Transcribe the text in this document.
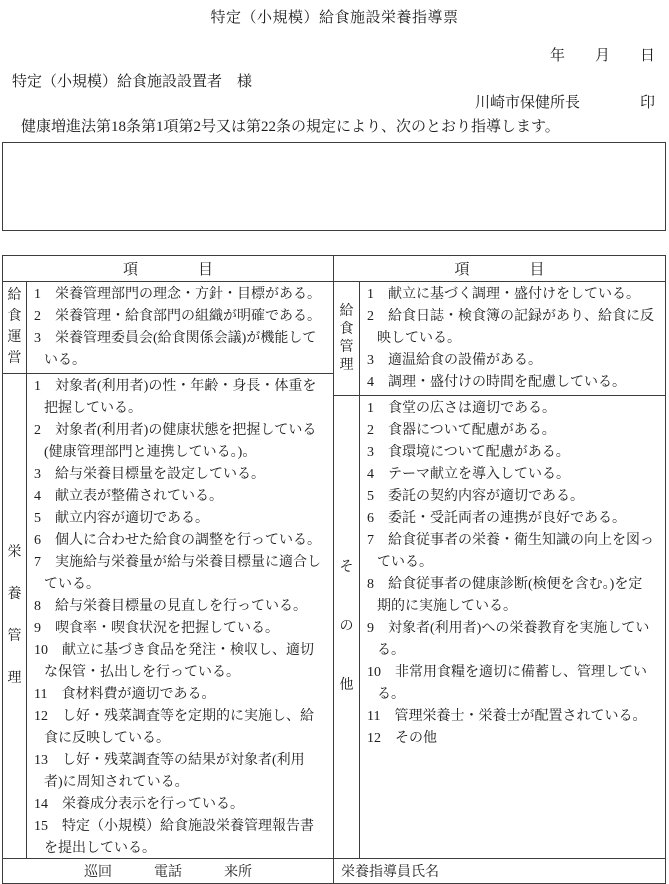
特定（小規模）給食施設栄養指導票
年　　月　　日
特定（小規模）給食施設設置者　様
川崎市保健所長　　　　印
健康増進法第18条第1項第2号又は第22条の規定により、次のとおり指導します。
項　　　　目	項　　　　目
給
食
運
営
1　栄養管理部門の理念・方針・目標がある。
2　栄養管理・給食部門の組織が明確である。
3　栄養管理委員会(給食関係会議)が機能している。
栄
養
管
理
1　対象者(利用者)の性・年齢・身長・体重を把握している。
2　対象者(利用者)の健康状態を把握している(健康管理部門と連携している。)。
3　給与栄養目標量を設定している。
4　献立表が整備されている。
5　献立内容が適切である。
6　個人に合わせた給食の調整を行っている。
7　実施給与栄養量が給与栄養目標量に適合している。
8　給与栄養目標量の見直しを行っている。
9　喫食率・喫食状況を把握している。
10　献立に基づき食品を発注・検収し、適切な保管・払出しを行っている。
11　食材料費が適切である。
12　し好・残菜調査等を定期的に実施し、給食に反映している。
13　し好・残菜調査等の結果が対象者(利用者)に周知されている。
14　栄養成分表示を行っている。
15　特定（小規模）給食施設栄養管理報告書を提出している。
給
食
管
理
1　献立に基づく調理・盛付けをしている。
2　給食日誌・検食簿の記録があり、給食に反映している。
3　適温給食の設備がある。
4　調理・盛付けの時間を配慮している。
そ
の
他
1　食堂の広さは適切である。
2　食器について配慮がある。
3　食環境について配慮がある。
4　テーマ献立を導入している。
5　委託の契約内容が適切である。
6　委託・受託両者の連携が良好である。
7　給食従事者の栄養・衛生知識の向上を図っている。
8　給食従事者の健康診断(検便を含む。)を定期的に実施している。
9　対象者(利用者)への栄養教育を実施している。
10　非常用食糧を適切に備蓄し、管理している。
11　管理栄養士・栄養士が配置されている。
12　その他
巡回　　　電話　　　来所	栄養指導員氏名
